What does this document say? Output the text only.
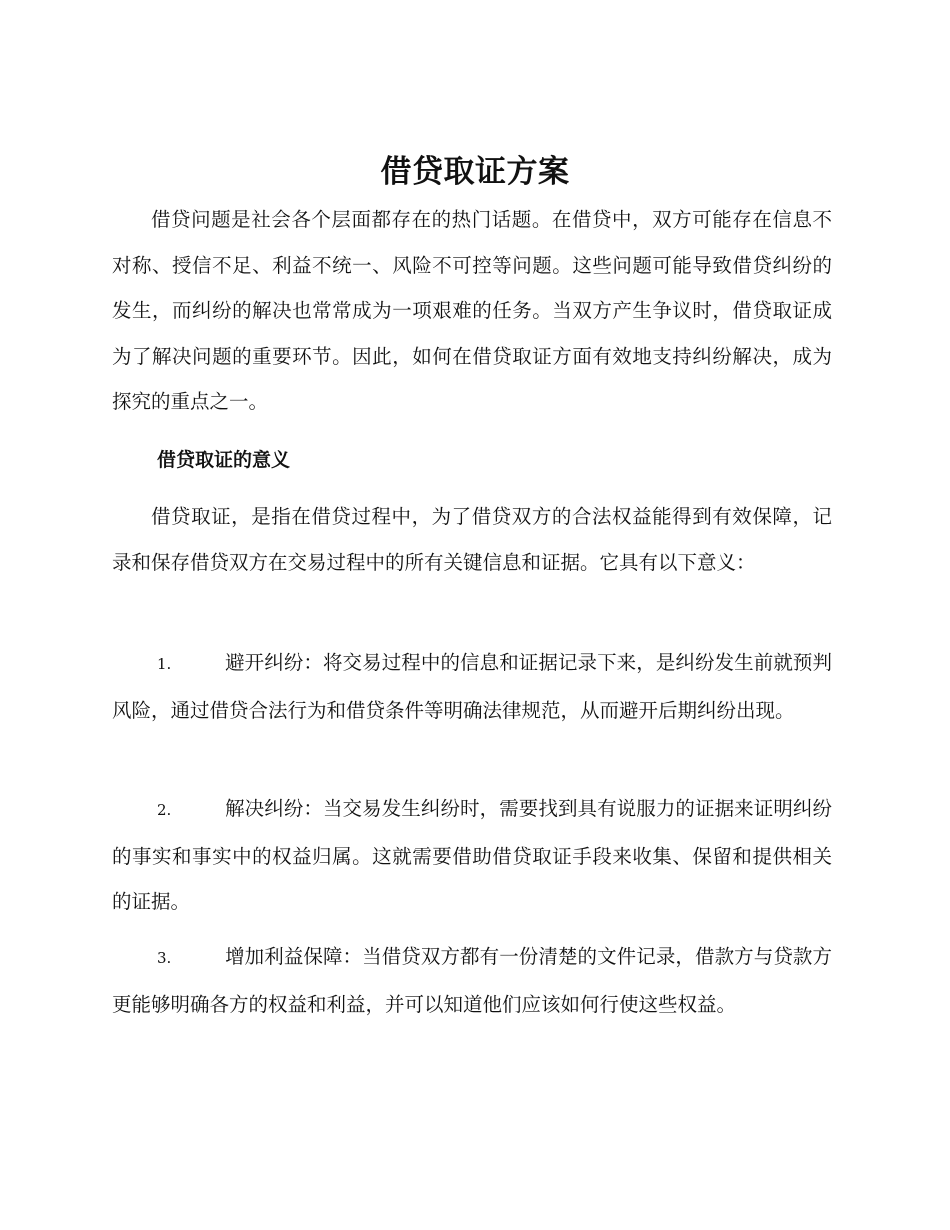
借贷取证方案

借贷问题是社会各个层面都存在的热门话题。在借贷中，双方可能存在信息不对称、授信不足、利益不统一、风险不可控等问题。这些问题可能导致借贷纠纷的发生，而纠纷的解决也常常成为一项艰难的任务。当双方产生争议时，借贷取证成为了解决问题的重要环节。因此，如何在借贷取证方面有效地支持纠纷解决，成为探究的重点之一。

借贷取证的意义

借贷取证，是指在借贷过程中，为了借贷双方的合法权益能得到有效保障，记录和保存借贷双方在交易过程中的所有关键信息和证据。它具有以下意义：

1.	避开纠纷：将交易过程中的信息和证据记录下来，是纠纷发生前就预判风险，通过借贷合法行为和借贷条件等明确法律规范，从而避开后期纠纷出现。

2.	解决纠纷：当交易发生纠纷时，需要找到具有说服力的证据来证明纠纷的事实和事实中的权益归属。这就需要借助借贷取证手段来收集、保留和提供相关的证据。

3.	增加利益保障：当借贷双方都有一份清楚的文件记录，借款方与贷款方更能够明确各方的权益和利益，并可以知道他们应该如何行使这些权益。
